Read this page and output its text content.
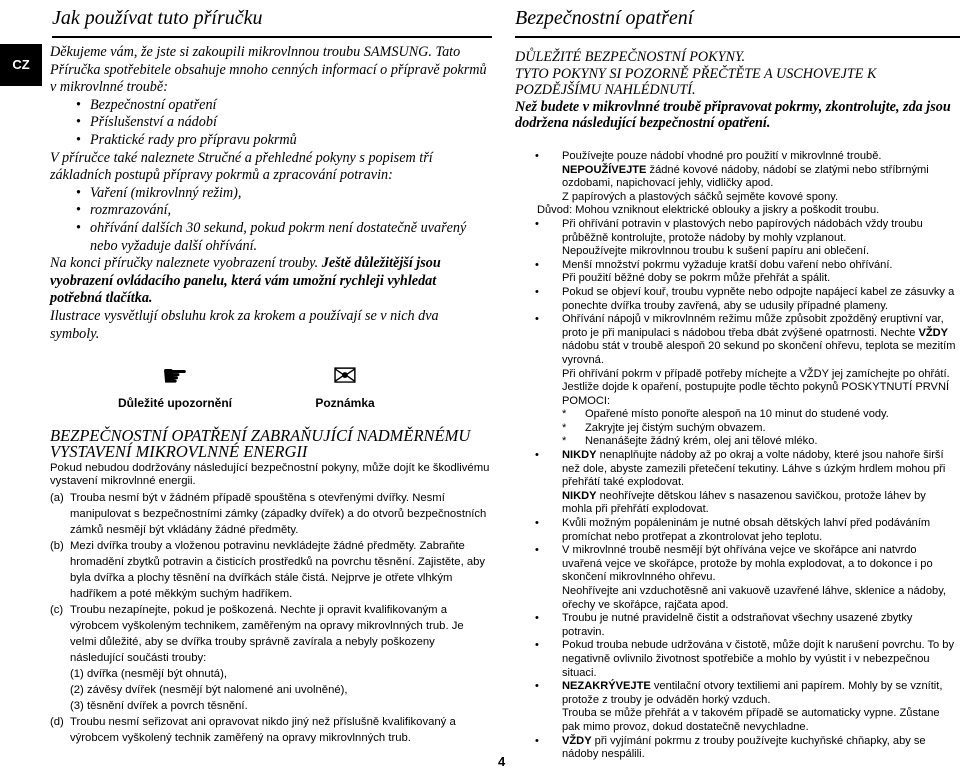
Jak používat tuto příručku	Bezpečnostní opatření
CZ

Děkujeme vám, že jste si zakoupili mikrovlnnou troubu SAMSUNG. Tato Příručka spotřebitele obsahuje mnoho cenných informací o přípravě pokrmů v mikrovlnné troubě:

• Bezpečnostní opatření
• Příslušenství a nádobí
• Praktické rady pro přípravu pokrmů

V příručce také naleznete Stručné a přehledné pokyny s popisem tří základních postupů přípravy pokrmů a zpracování potravin:

• Vaření (mikrovlnný režim),
• rozmrazování,
• ohřívání dalších 30 sekund, pokud pokrm není dostatečně uvařený nebo vyžaduje další ohřívání.

Na konci příručky naleznete vyobrazení trouby. Ještě důležitější jsou vyobrazení ovládacího panelu, která vám umožní rychleji vyhledat potřebná tlačítka.

Ilustrace vysvětlují obsluhu krok za krokem a používají se v nich dva symboly.

☛
Důležité upozornění
✉
Poznámka
BEZPEČNOSTNÍ OPATŘENÍ ZABRAŇUJÍCÍ NADMĚRNÉMU VYSTAVENÍ MIKROVLNNÉ ENERGII
Pokud nebudou dodržovány následující bezpečnostní pokyny, může dojít ke škodlivému vystavení mikrovlnné energii.
(a) Trouba nesmí být v žádném případě spouštěna s otevřenými dvířky. Nesmí manipulovat s bezpečnostními zámky (západky dvířek) a do otvorů bezpečnostních zámků nesmějí být vkládány žádné předměty.
(b) Mezi dvířka trouby a vloženou potravinu nevkládejte žádné předměty. Zabraňte hromadění zbytků potravin a čisticích prostředků na povrchu těsnění. Zajistěte, aby byla dvířka a plochy těsnění na dvířkách stále čistá. Nejprve je otřete vlhkým hadříkem a poté měkkým suchým hadříkem.
(c) Troubu nezapínejte, pokud je poškozená. Nechte ji opravit kvalifikovaným a výrobcem vyškoleným technikem, zaměřeným na opravy mikrovlnných trub. Je velmi důležité, aby se dvířka trouby správně zavírala a nebyly poškozeny následující součásti trouby:
(1) dvířka (nesmějí být ohnutá),
(2) závěsy dvířek (nesmějí být nalomené ani uvolněné),
(3) těsnění dvířek a povrch těsnění.
(d) Troubu nesmí seřizovat ani opravovat nikdo jiný než příslušně kvalifikovaný a výrobcem vyškolený technik zaměřený na opravy mikrovlnných trub.

DŮLEŽITÉ BEZPEČNOSTNÍ POKYNY.

TYTO POKYNY SI POZORNĚ PŘEČTĚTE A USCHOVEJTE K POZDĚJŠÍMU NAHLÉDNUTÍ.

Než budete v mikrovlnné troubě připravovat pokrmy, zkontrolujte, zda jsou dodržena následující bezpečnostní opatření.

• Používejte pouze nádobí vhodné pro použití v mikrovlnné troubě.
NEPOUŽÍVEJTE žádné kovové nádoby, nádobí se zlatými nebo stříbrnými ozdobami, napichovací jehly, vidličky apod.
Z papírových a plastových sáčků sejměte kovové spony.
Důvod: Mohou vzniknout elektrické oblouky a jiskry a poškodit troubu.
• Při ohřívání potravin v plastových nebo papírových nádobách vždy troubu průběžně kontrolujte, protože nádoby by mohly vzplanout.
Nepoužívejte mikrovlnnou troubu k sušení papíru ani oblečení.
• Menší množství pokrmu vyžaduje kratší dobu vaření nebo ohřívání.
Při použití běžné doby se pokrm může přehřát a spálit.
• Pokud se objeví kouř, troubu vypněte nebo odpojte napájecí kabel ze zásuvky a ponechte dvířka trouby zavřená, aby se udusily případné plameny.
• Ohřívání nápojů v mikrovlnném režimu může způsobit zpožděný eruptivní var, proto je při manipulaci s nádobou třeba dbát zvýšené opatrnosti. Nechte VŽDY nádobu stát v troubě alespoň 20 sekund po skončení ohřevu, teplota se mezitím vyrovná.
Při ohřívání pokrm v případě potřeby míchejte a VŽDY jej zamíchejte po ohřátí.
Jestliže dojde k opaření, postupujte podle těchto pokynů POSKYTNUTÍ PRVNÍ POMOCI:
* Opařené místo ponořte alespoň na 10 minut do studené vody.
* Zakryjte jej čistým suchým obvazem.
* Nenanášejte žádný krém, olej ani tělové mléko.
• NIKDY nenaplňujte nádoby až po okraj a volte nádoby, které jsou nahoře širší než dole, abyste zamezili přetečení tekutiny. Láhve s úzkým hrdlem mohou při přehřátí také explodovat.
NIKDY neohřívejte dětskou láhev s nasazenou savičkou, protože láhev by mohla při přehřátí explodovat.
• Kvůli možným popáleninám je nutné obsah dětských lahví před podáváním promíchat nebo protřepat a zkontrolovat jeho teplotu.
• V mikrovlnné troubě nesmějí být ohřívána vejce ve skořápce ani natvrdo uvařená vejce ve skořápce, protože by mohla explodovat, a to dokonce i po skončení mikrovlnného ohřevu.
Neohřívejte ani vzduchotěsně ani vakuově uzavřené láhve, sklenice a nádoby, ořechy ve skořápce, rajčata apod.
• Troubu je nutné pravidelně čistit a odstraňovat všechny usazené zbytky potravin.
• Pokud trouba nebude udržována v čistotě, může dojít k narušení povrchu. To by negativně ovlivnilo životnost spotřebiče a mohlo by vyústit i v nebezpečnou situaci.
• NEZAKRÝVEJTE ventilační otvory textiliemi ani papírem. Mohly by se vznítit, protože z trouby je odváděn horký vzduch.
Trouba se může přehřát a v takovém případě se automaticky vypne. Zůstane pak mimo provoz, dokud dostatečně nevychladne.
• VŽDY při vyjímání pokrmu z trouby používejte kuchyňské chňapky, aby se nádoby nespálili.
4
